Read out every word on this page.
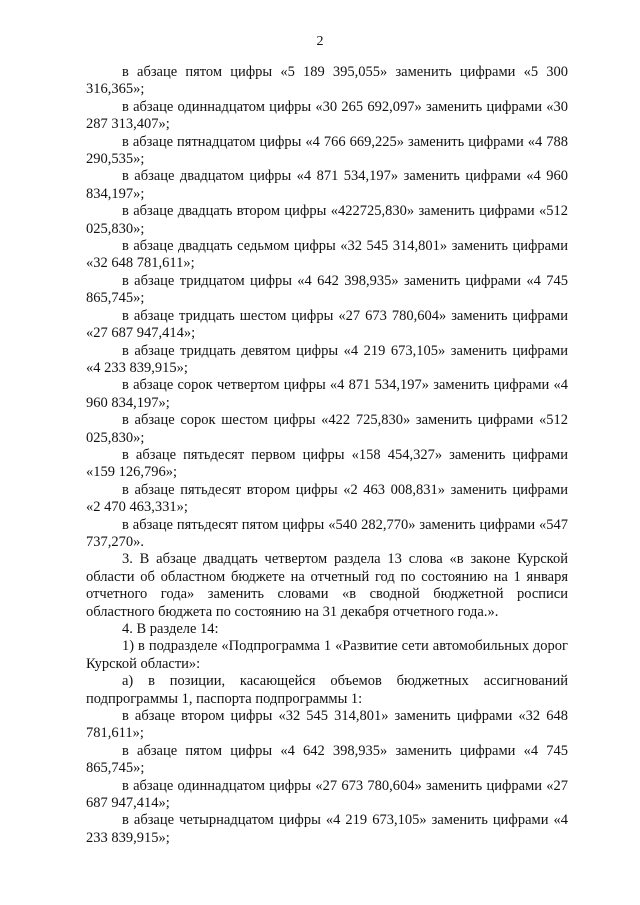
2

в абзаце пятом цифры «5 189 395,055» заменить цифрами «5 300 316,365»;

в абзаце одиннадцатом цифры «30 265 692,097» заменить цифрами «30 287 313,407»;

в абзаце пятнадцатом цифры «4 766 669,225» заменить цифрами «4 788 290,535»;

в абзаце двадцатом цифры «4 871 534,197» заменить цифрами «4 960 834,197»;

в абзаце двадцать втором цифры «422725,830» заменить цифрами «512 025,830»;

в абзаце двадцать седьмом цифры «32 545 314,801» заменить цифрами «32 648 781,611»;

в абзаце тридцатом цифры «4 642 398,935» заменить цифрами «4 745 865,745»;

в абзаце тридцать шестом цифры «27 673 780,604» заменить цифрами «27 687 947,414»;

в абзаце тридцать девятом цифры «4 219 673,105» заменить цифрами «4 233 839,915»;

в абзаце сорок четвертом цифры «4 871 534,197» заменить цифрами «4 960 834,197»;

в абзаце сорок шестом цифры «422 725,830» заменить цифрами «512 025,830»;

в абзаце пятьдесят первом цифры «158 454,327» заменить цифрами «159 126,796»;

в абзаце пятьдесят втором цифры «2 463 008,831» заменить цифрами «2 470 463,331»;

в абзаце пятьдесят пятом цифры «540 282,770» заменить цифрами «547 737,270».

3. В абзаце двадцать четвертом раздела 13 слова «в законе Курской области об областном бюджете на отчетный год по состоянию на 1 января отчетного года» заменить словами «в сводной бюджетной росписи областного бюджета по состоянию на 31 декабря отчетного года.».

4. В разделе 14:

1) в подразделе «Подпрограмма 1 «Развитие сети автомобильных дорог Курской области»:

а) в позиции, касающейся объемов бюджетных ассигнований подпрограммы 1, паспорта подпрограммы 1:

в абзаце втором цифры «32 545 314,801» заменить цифрами «32 648 781,611»;

в абзаце пятом цифры «4 642 398,935» заменить цифрами «4 745 865,745»;

в абзаце одиннадцатом цифры «27 673 780,604» заменить цифрами «27 687 947,414»;

в абзаце четырнадцатом цифры «4 219 673,105» заменить цифрами «4 233 839,915»;
